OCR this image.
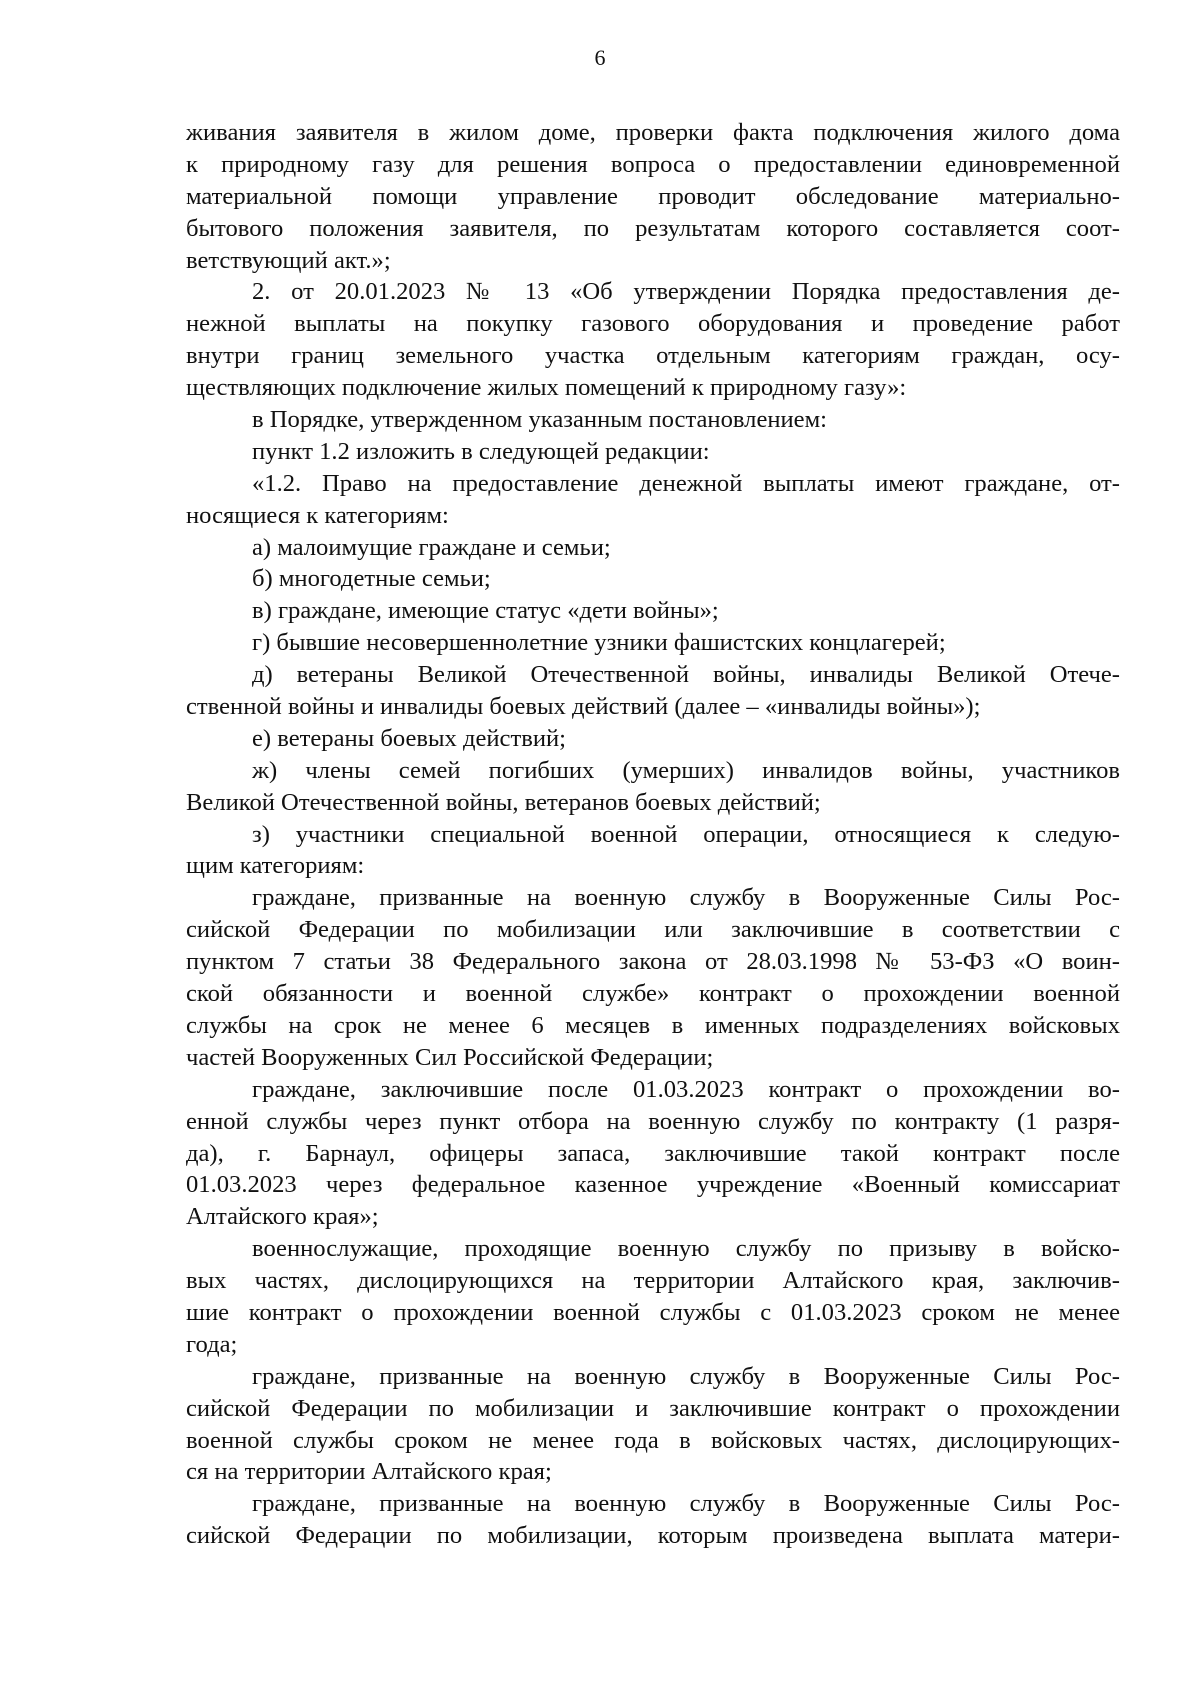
6
живания заявителя в жилом доме, проверки факта подключения жилого дома
к природному газу для решения вопроса о предоставлении единовременной
материальной помощи управление проводит обследование материально-
бытового положения заявителя, по результатам которого составляется соот-
ветствующий акт.»;
2. от 20.01.2023 № 13 «Об утверждении Порядка предоставления де-
нежной выплаты на покупку газового оборудования и проведение работ
внутри границ земельного участка отдельным категориям граждан, осу-
ществляющих подключение жилых помещений к природному газу»:
в Порядке, утвержденном указанным постановлением:
пункт 1.2 изложить в следующей редакции:
«1.2. Право на предоставление денежной выплаты имеют граждане, от-
носящиеся к категориям:
а) малоимущие граждане и семьи;
б) многодетные семьи;
в) граждане, имеющие статус «дети войны»;
г) бывшие несовершеннолетние узники фашистских концлагерей;
д) ветераны Великой Отечественной войны, инвалиды Великой Отече-
ственной войны и инвалиды боевых действий (далее – «инвалиды войны»);
е) ветераны боевых действий;
ж) члены семей погибших (умерших) инвалидов войны, участников
Великой Отечественной войны, ветеранов боевых действий;
з) участники специальной военной операции, относящиеся к следую-
щим категориям:
граждане, призванные на военную службу в Вооруженные Силы Рос-
сийской Федерации по мобилизации или заключившие в соответствии с
пунктом 7 статьи 38 Федерального закона от 28.03.1998 № 53-ФЗ «О воин-
ской обязанности и военной службе» контракт о прохождении военной
службы на срок не менее 6 месяцев в именных подразделениях войсковых
частей Вооруженных Сил Российской Федерации;
граждане, заключившие после 01.03.2023 контракт о прохождении во-
енной службы через пункт отбора на военную службу по контракту (1 разря-
да), г. Барнаул, офицеры запаса, заключившие такой контракт после
01.03.2023 через федеральное казенное учреждение «Военный комиссариат
Алтайского края»;
военнослужащие, проходящие военную службу по призыву в войско-
вых частях, дислоцирующихся на территории Алтайского края, заключив-
шие контракт о прохождении военной службы с 01.03.2023 сроком не менее
года;
граждане, призванные на военную службу в Вооруженные Силы Рос-
сийской Федерации по мобилизации и заключившие контракт о прохождении
военной службы сроком не менее года в войсковых частях, дислоцирующих-
ся на территории Алтайского края;
граждане, призванные на военную службу в Вооруженные Силы Рос-
сийской Федерации по мобилизации, которым произведена выплата матери-
